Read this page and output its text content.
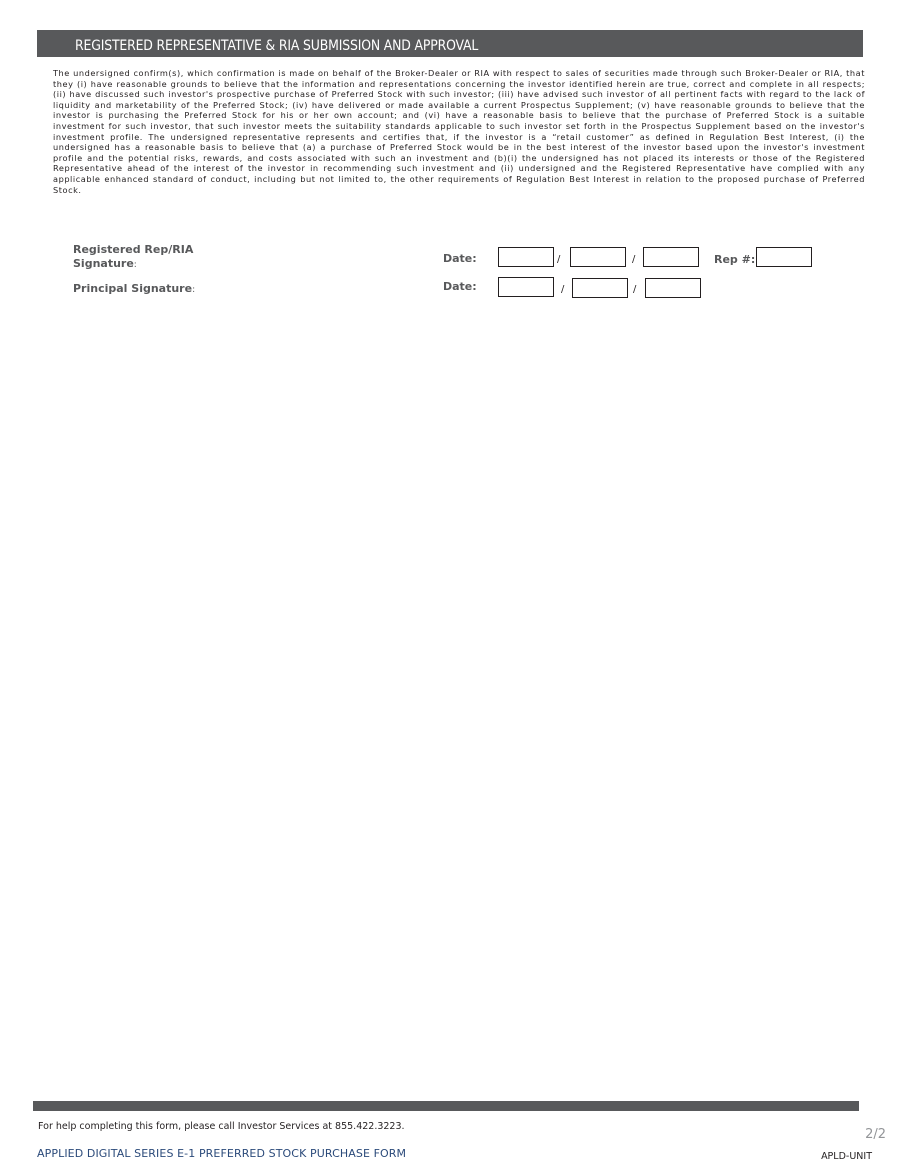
REGISTERED REPRESENTATIVE & RIA SUBMISSION AND APPROVAL

The undersigned confirm(s), which confirmation is made on behalf of the Broker-Dealer or RIA with respect to sales of securities made through such Broker-Dealer or RIA, that they (i) have reasonable grounds to believe that the information and representations concerning the investor identified herein are true, correct and complete in all respects; (ii) have discussed such investor's prospective purchase of Preferred Stock with such investor; (iii) have advised such investor of all pertinent facts with regard to the lack of liquidity and marketability of the Preferred Stock; (iv) have delivered or made available a current Prospectus Supplement; (v) have reasonable grounds to believe that the investor is purchasing the Preferred Stock for his or her own account; and (vi) have a reasonable basis to believe that the purchase of Preferred Stock is a suitable investment for such investor, that such investor meets the suitability standards applicable to such investor set forth in the Prospectus Supplement based on the investor's investment profile. The undersigned representative represents and certifies that, if the investor is a “retail customer” as defined in Regulation Best Interest, (i) the undersigned has a reasonable basis to believe that (a) a purchase of Preferred Stock would be in the best interest of the investor based upon the investor's investment profile and the potential risks, rewards, and costs associated with such an investment and (b)(i) the undersigned has not placed its interests or those of the Registered Representative ahead of the interest of the investor in recommending such investment and (ii) undersigned and the Registered Representative have complied with any applicable enhanced standard of conduct, including but not limited to, the other requirements of Regulation Best Interest in relation to the proposed purchase of Preferred Stock.

Registered Rep/RIA
Signature:	Date:	/	/	Rep #:
Principal Signature:	Date:	/	/
For help completing this form, please call Investor Services at 855.422.3223.
2/2
APPLIED DIGITAL SERIES E-1 PREFERRED STOCK PURCHASE FORM	APLD-UNIT
